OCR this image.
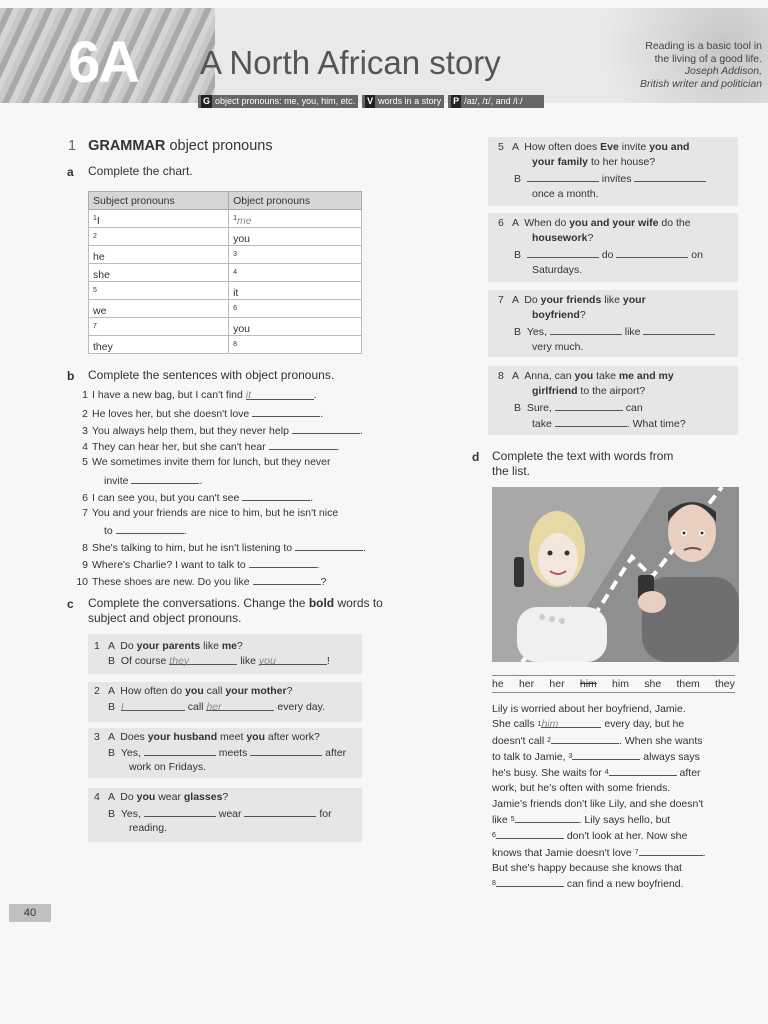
6A A North African story	Reading is a basic tool in
the living of a good life.
Joseph Addison,
British writer and politician
G object pronouns: me, you, him, etc. V words in a story P /aɪ/, /ɪ/, and /iː/
1 GRAMMAR object pronouns
a Complete the chart.
Subject pronouns	Object pronouns
$^1$I	$^1$me
$^2$	you
he	$^3$
she	$^4$
$^5$	it
we	$^6$
$^7$	you
they	$^8$
b Complete the sentences with object pronouns.
1 I have a new bag, but I can't find it	.
2 He loves her, but she doesn't love	.
3 You always help them, but they never help	.
4 They can hear her, but she can't hear	.
5 We sometimes invite them for lunch, but they never
invite	.
6 I can see you, but you can't see	.
7 You and your friends are nice to him, but he isn't nice
to	.
8 She's talking to him, but he isn't listening to	.
9 Where's Charlie? I want to talk to	.
10 These shoes are new. Do you like	?
c Complete the conversations. Change the bold words to
subject and object pronouns.
1   A  Do your parents like me?
B  Of course they	like you	!
2   A  How often do you call your mother?
B  I	call her	every day.
3   A  Does your husband meet you after work?
B  Yes,	meets	after
work on Fridays.
4   A  Do you wear glasses?
B  Yes,	wear	for
reading.
5   A  How often does Eve invite you and
your family to her house?
B	invites
once a month.
6   A  When do you and your wife do the
housework?
B	do	on
Saturdays.
7   A  Do your friends like your
boyfriend?
B  Yes,	like
very much.
8   A  Anna, can you take me and my
girlfriend to the airport?
B  Sure,	can
take	. What time?
d Complete the text with words from
the list.
he her her him him she them they
Lily is worried about her boyfriend, Jamie.
She calls $^1$him	every day, but he
doesn't call $^2$	. When she wants
to talk to Jamie, $^3$	always says
he's busy. She waits for $^4$	after
work, but he's often with some friends.
Jamie's friends don't like Lily, and she doesn't
like $^5$	. Lily says hello, but
$^6$	don't look at her. Now she
knows that Jamie doesn't love $^7$	.
But she's happy because she knows that
$^8$	can find a new boyfriend.
40
